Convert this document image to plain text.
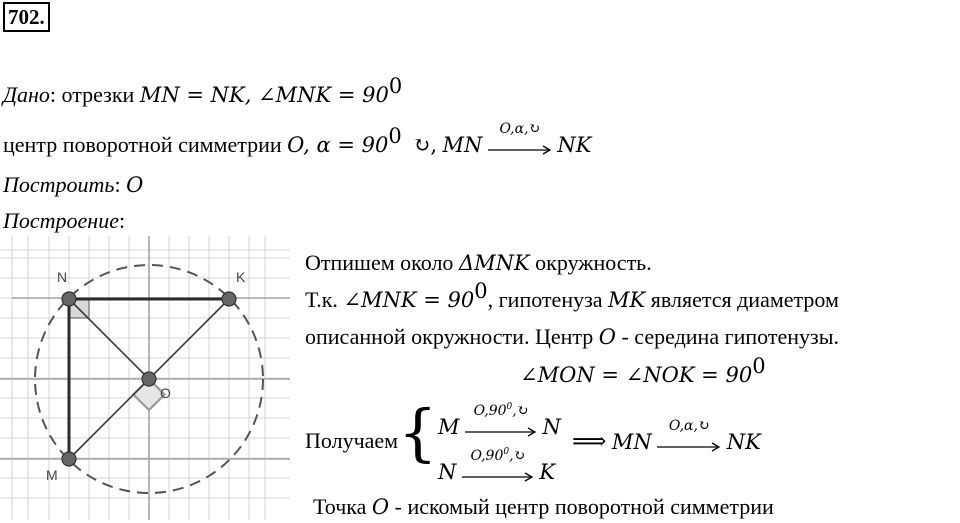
702.
Дано: отрезки MN = NK, ∠MNK = $90^0$
центр поворотной симметрии O, $\alpha = 90^0$ ↻, MN
O,α,↻
NK
Построить: O
Построение:
N	K
M
O
Отпишем около ΔMNK окружность.
Т.к. ∠MNK = $90^0$, гипотенуза MK является диаметром
описанной окружности. Центр O - середина гипотенузы.
∠MON = ∠NOK = $90^0$
Получаем { M
$O,90^0,↻$
N
N
$O,90^0,↻$
K
⟹ MN
O,α,↻
NK
Точка O - искомый центр поворотной симметрии
